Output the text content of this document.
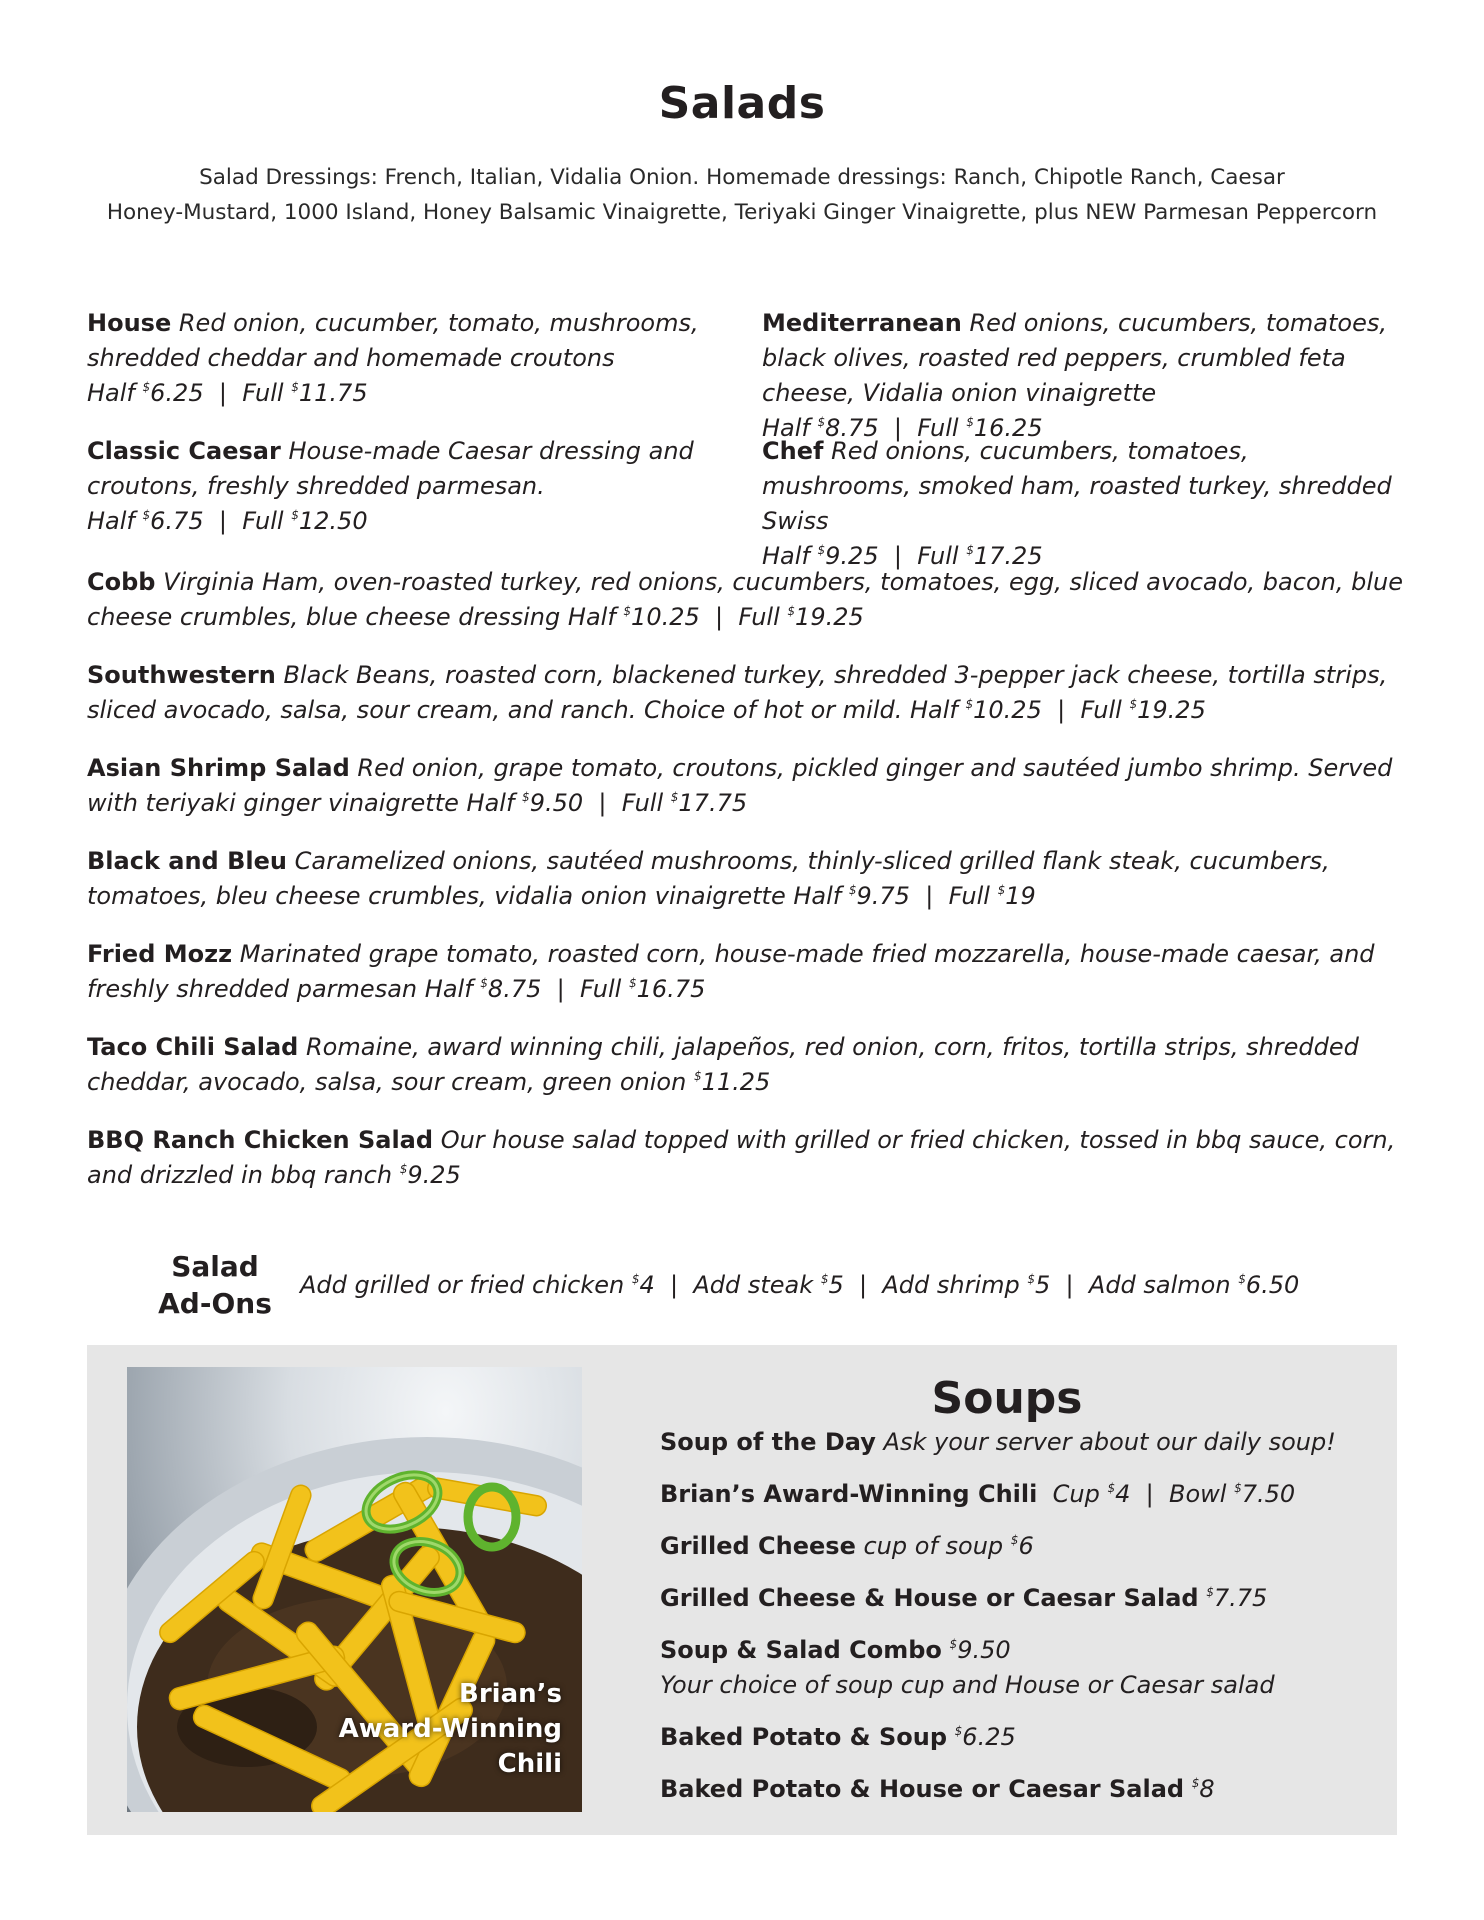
Salads
Salad Dressings: French, Italian, Vidalia Onion. Homemade dressings: Ranch, Chipotle Ranch, Caesar
Honey-Mustard, 1000 Island, Honey Balsamic Vinaigrette, Teriyaki Ginger Vinaigrette, plus NEW Parmesan Peppercorn
House Red onion, cucumber, tomato, mushrooms, shredded cheddar and homemade croutons
Half $6.25  |  Full $11.75
Mediterranean Red onions, cucumbers, tomatoes, black olives, roasted red peppers, crumbled feta cheese, Vidalia onion vinaigrette Half $8.75  |  Full $16.25
Classic Caesar House-made Caesar dressing and croutons, freshly shredded parmesan.
Half $6.75  |  Full $12.50
Chef Red onions, cucumbers, tomatoes, mushrooms, smoked ham, roasted turkey, shredded Swiss
Half $9.25  |  Full $17.25
Cobb Virginia Ham, oven-roasted turkey, red onions, cucumbers, tomatoes, egg, sliced avocado, bacon, blue cheese crumbles, blue cheese dressing Half $10.25  |  Full $19.25
Southwestern Black Beans, roasted corn, blackened turkey, shredded 3-pepper jack cheese, tortilla strips, sliced avocado, salsa, sour cream, and ranch. Choice of hot or mild. Half $10.25  |  Full $19.25
Asian Shrimp Salad Red onion, grape tomato, croutons, pickled ginger and sautéed jumbo shrimp. Served with teriyaki ginger vinaigrette Half $9.50  |  Full $17.75
Black and Bleu Caramelized onions, sautéed mushrooms, thinly-sliced grilled flank steak, cucumbers, tomatoes, bleu cheese crumbles, vidalia onion vinaigrette Half $9.75  |  Full $19
Fried Mozz Marinated grape tomato, roasted corn, house-made fried mozzarella, house-made caesar, and freshly shredded parmesan Half $8.75  |  Full $16.75
Taco Chili Salad Romaine, award winning chili, jalapeños, red onion, corn, fritos, tortilla strips, shredded cheddar, avocado, salsa, sour cream, green onion $11.25
BBQ Ranch Chicken Salad Our house salad topped with grilled or fried chicken, tossed in bbq sauce, corn, and drizzled in bbq ranch $9.25
Salad
Ad-Ons
Add grilled or fried chicken $4  |  Add steak $5  |  Add shrimp $5  |  Add salmon $6.50
Brian’s
Award-Winning
Chili
Soups
Soup of the Day Ask your server about our daily soup!
Brian’s Award-Winning Chili Cup $4  |  Bowl $7.50
Grilled Cheese cup of soup $6
Grilled Cheese & House or Caesar Salad $7.75
Soup & Salad Combo $9.50
Your choice of soup cup and House or Caesar salad
Baked Potato & Soup $6.25
Baked Potato & House or Caesar Salad $8
